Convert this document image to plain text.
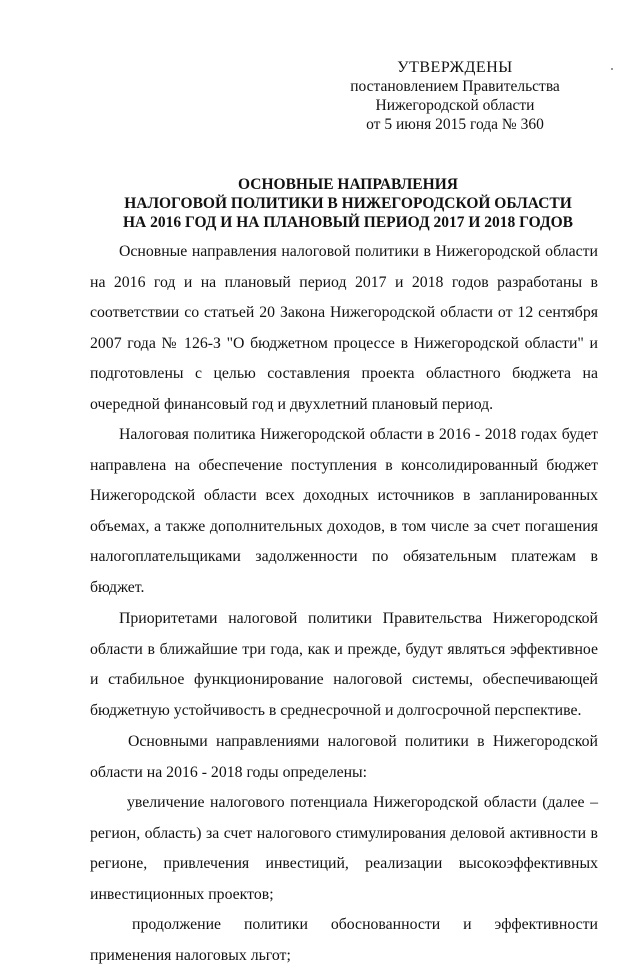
УТВЕРЖДЕНЫ
постановлением Правительства
Нижегородской области
от 5 июня 2015 года № 360
ОСНОВНЫЕ НАПРАВЛЕНИЯ
НАЛОГОВОЙ ПОЛИТИКИ В НИЖЕГОРОДСКОЙ ОБЛАСТИ
НА 2016 ГОД И НА ПЛАНОВЫЙ ПЕРИОД 2017 И 2018 ГОДОВ

Основные направления налоговой политики в Нижегородской области на 2016 год и на плановый период 2017 и 2018 годов разработаны в соответствии со статьей 20 Закона Нижегородской области от 12 сентября 2007 года № 126-З "О бюджетном процессе в Нижегородской области" и подготовлены с целью составления проекта областного бюджета на очередной финансовый год и двухлетний плановый период.

Налоговая политика Нижегородской области в 2016 - 2018 годах будет направлена на обеспечение поступления в консолидированный бюджет Нижегородской области всех доходных источников в запланированных объемах, а также дополнительных доходов, в том числе за счет погашения налогоплательщиками задолженности по обязательным платежам в бюджет.

Приоритетами налоговой политики Правительства Нижегородской области в ближайшие три года, как и прежде, будут являться эффективное и стабильное функционирование налоговой системы, обеспечивающей бюджетную устойчивость в среднесрочной и долгосрочной перспективе.

Основными направлениями налоговой политики в Нижегородской области на 2016 - 2018 годы определены:

увеличение налогового потенциала Нижегородской области (далее – регион, область) за счет налогового стимулирования деловой активности в регионе, привлечения инвестиций, реализации высокоэффективных инвестиционных проектов;

продолжение политики обоснованности и эффективности применения налоговых льгот;
